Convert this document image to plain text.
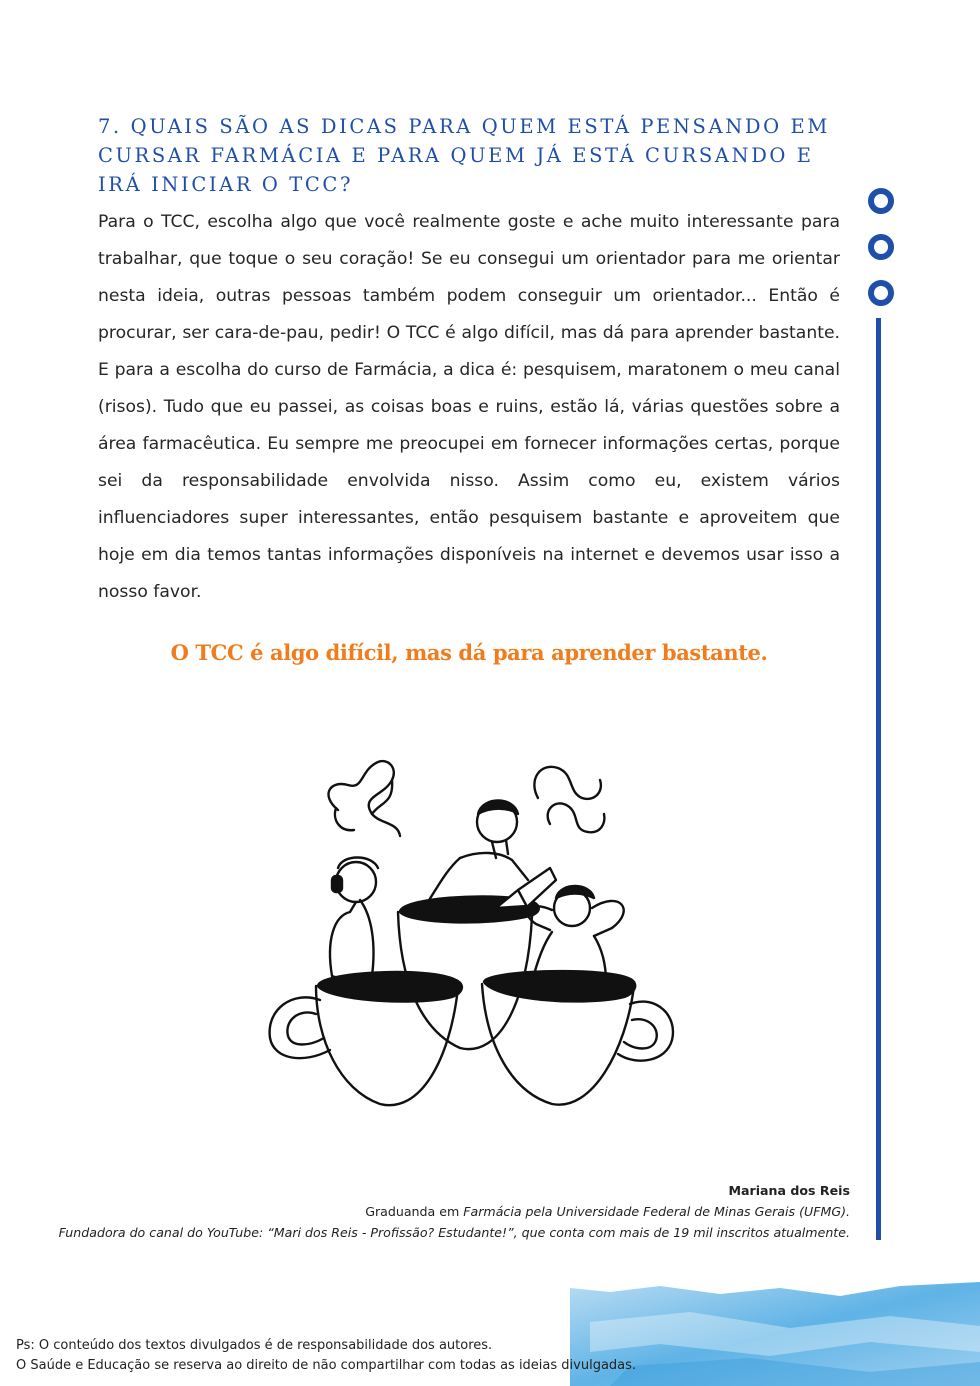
7. QUAIS SÃO AS DICAS PARA QUEM ESTÁ PENSANDO EM CURSAR FARMÁCIA E PARA QUEM JÁ ESTÁ CURSANDO E IRÁ INICIAR O TCC?
Para o TCC, escolha algo que você realmente goste e ache muito interessante para trabalhar, que toque o seu coração! Se eu consegui um orientador para me orientar nesta ideia, outras pessoas também podem conseguir um orientador... Então é procurar, ser cara-de-pau, pedir! O TCC é algo difícil, mas dá para aprender bastante. E para a escolha do curso de Farmácia, a dica é: pesquisem, maratonem o meu canal (risos). Tudo que eu passei, as coisas boas e ruins, estão lá, várias questões sobre a área farmacêutica. Eu sempre me preocupei em fornecer informações certas, porque sei da responsabilidade envolvida nisso. Assim como eu, existem vários influenciadores super interessantes, então pesquisem bastante e aproveitem que hoje em dia temos tantas informações disponíveis na internet e devemos usar isso a nosso favor.
O TCC é algo difícil, mas dá para aprender bastante.
Mariana dos Reis
Graduanda em Farmácia pela Universidade Federal de Minas Gerais (UFMG).
Fundadora do canal do YouTube: “Mari dos Reis - Profissão? Estudante!”, que conta com mais de 19 mil inscritos atualmente.
Ps: O conteúdo dos textos divulgados é de responsabilidade dos autores.
O Saúde e Educação se reserva ao direito de não compartilhar com todas as ideias divulgadas.
